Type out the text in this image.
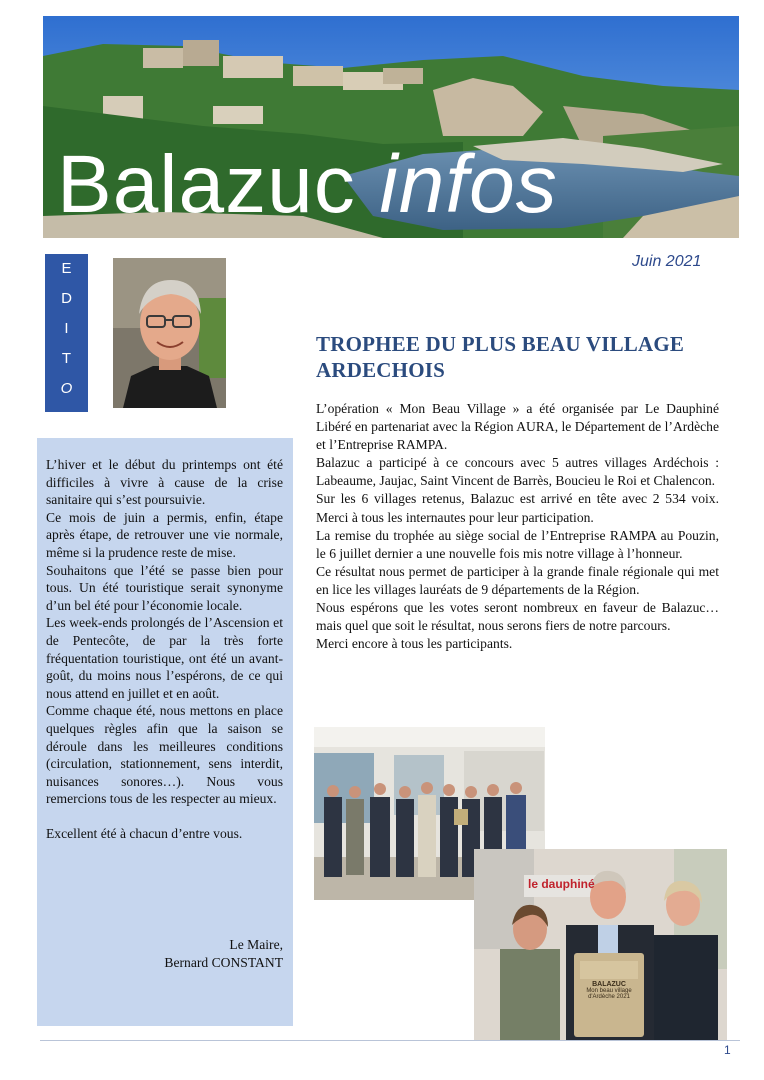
Balazuc infos
Juin 2021
E
D
I
T
O

L’hiver et le début du printemps ont été difficiles à vivre à cause de la crise sanitaire qui s’est poursuivie.

Ce mois de juin a permis, enfin, étape après étape, de retrouver une vie normale, même si la prudence reste de mise.

Souhaitons que l’été se passe bien pour tous. Un été touristique serait synonyme d’un bel été pour l’économie locale.

Les week-ends prolongés de l’Ascension et de Pentecôte, de par la très forte fréquentation touristique, ont été un avant-goût, du moins nous l’espérons, de ce qui nous attend en juillet et en août.

Comme chaque été, nous mettons en place quelques règles afin que la saison se déroule dans les meilleures conditions (circulation, stationnement, sens interdit, nuisances sonores…). Nous vous remercions tous de les respecter au mieux.

Excellent été à chacun d’entre vous.

Le Maire,
Bernard CONSTANT
TROPHEE DU PLUS BEAU VILLAGE ARDECHOIS

L’opération « Mon Beau Village » a été organisée par Le Dauphiné Libéré en partenariat avec la Région AURA, le Département de l’Ardèche et l’Entreprise RAMPA.

Balazuc a participé à ce concours avec 5 autres villages Ardéchois : Labeaume, Jaujac, Saint Vincent de Barrès, Boucieu le Roi et Chalencon.

Sur les 6 villages retenus, Balazuc est arrivé en tête avec 2 534 voix. Merci à tous les internautes pour leur participation.

La remise du trophée au siège social de l’Entreprise RAMPA au Pouzin, le 6 juillet dernier a une nouvelle fois mis notre village à l’honneur.

Ce résultat nous permet de participer à la grande finale régionale qui met en lice les villages lauréats de 9 départements de la Région.

Nous espérons que les votes seront nombreux en faveur de Balazuc… mais quel que soit le résultat, nous serons fiers de notre parcours.

Merci encore à tous les participants.

le dauphiné
BALAZUC
Mon beau village
d'Ardèche 2021
1
